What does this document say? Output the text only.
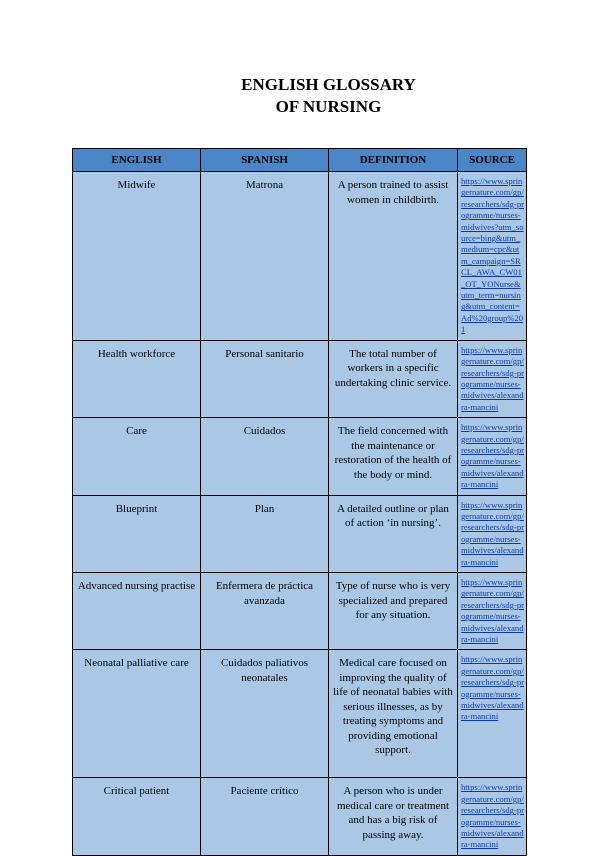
ENGLISH GLOSSARY
OF NURSING
ENGLISH	SPANISH	DEFINITION	SOURCE
Midwife	Matrona	A person trained to assist women in childbirth.	https://www.springernature.com/gp/researchers/sdg-programme/nurses-midwives?utm_source=bing&utm_medium=cpc&utm_campaign=SRCL_AWA_CW01_OT_YONurse&utm_term=nursing&utm_content=Ad%20group%201

Health workforce	Personal sanitario	The total number of workers in a specific undertaking clinic service.	https://www.springernature.com/gp/researchers/sdg-programme/nurses-midwives/alexandra-mancini

Care	Cuidados	The field concerned with the maintenance or restoration of the health of the body or mind.	https://www.springernature.com/gp/researchers/sdg-programme/nurses-midwives/alexandra-mancini

Blueprint	Plan	A detailed outline or plan of action ‘in nursing’.	https://www.springernature.com/gp/researchers/sdg-programme/nurses-midwives/alexandra-mancini

Advanced nursing practise	Enfermera de práctica avanzada	Type of nurse who is very specialized and prepared for any situation.	https://www.springernature.com/gp/researchers/sdg-programme/nurses-midwives/alexandra-mancini

Neonatal palliative care	Cuidados paliativos neonatales	Medical care focused on improving the quality of life of neonatal babies with serious illnesses, as by treating symptoms and providing emotional support.	https://www.springernature.com/gp/researchers/sdg-programme/nurses-midwives/alexandra-mancini

Critical patient	Paciente crítico	A person who is under medical care or treatment and has a big risk of passing away.	https://www.springernature.com/gp/researchers/sdg-programme/nurses-midwives/alexandra-mancini
